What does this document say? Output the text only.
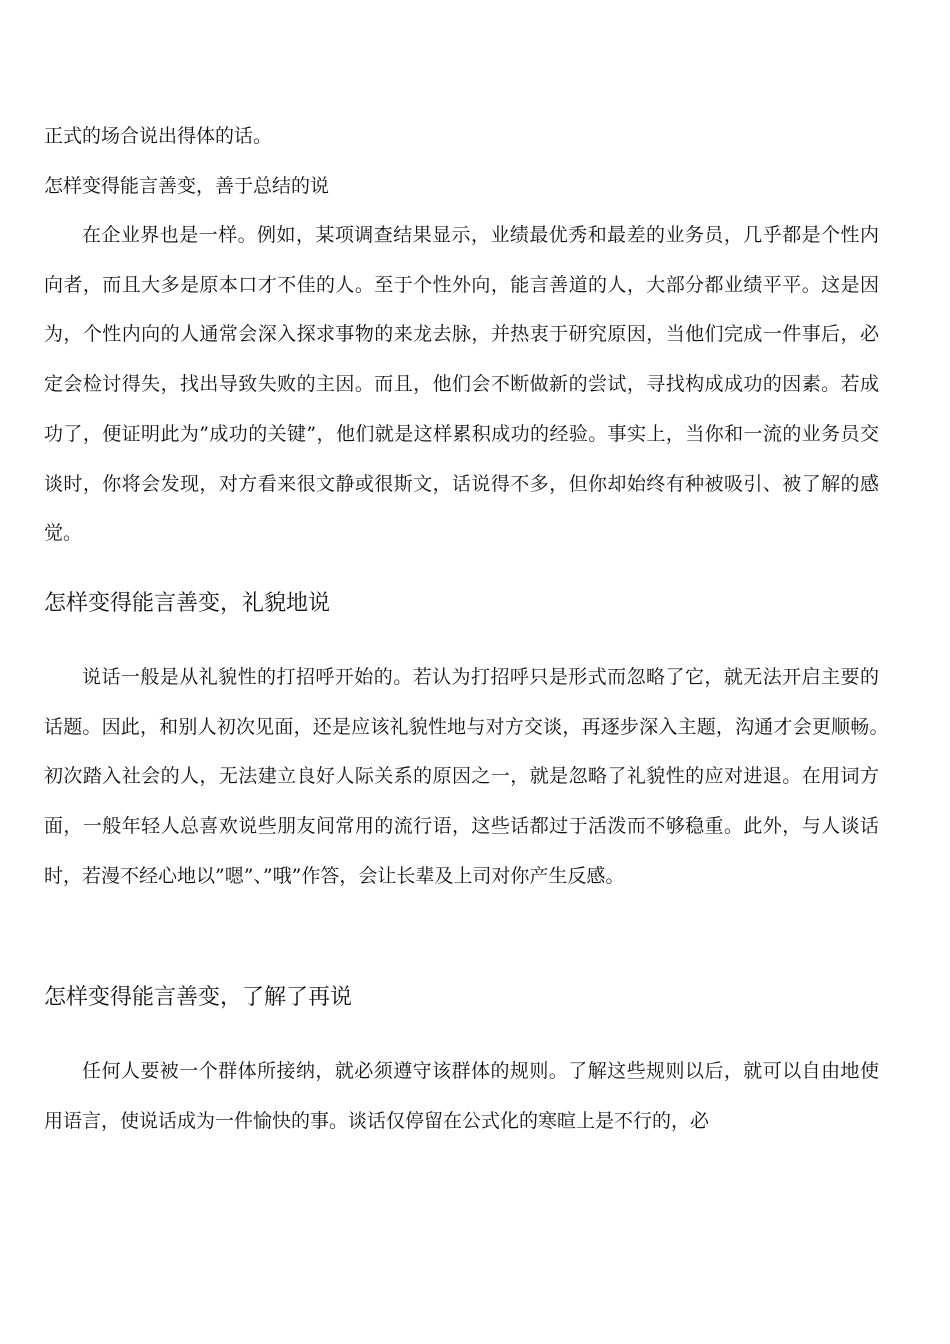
正式的场合说出得体的话。
怎样变得能言善变，善于总结的说

在企业界也是一样。例如，某项调查结果显示，业绩最优秀和最差的业务员，几乎都是个性内向者，而且大多是原本口才不佳的人。至于个性外向，能言善道的人，大部分都业绩平平。这是因为，个性内向的人通常会深入探求事物的来龙去脉，并热衷于研究原因，当他们完成一件事后，必定会检讨得失，找出导致失败的主因。而且，他们会不断做新的尝试，寻找构成成功的因素。若成功了，便证明此为”成功的关键”，他们就是这样累积成功的经验。事实上，当你和一流的业务员交谈时，你将会发现，对方看来很文静或很斯文，话说得不多，但你却始终有种被吸引、被了解的感觉。

怎样变得能言善变，礼貌地说

说话一般是从礼貌性的打招呼开始的。若认为打招呼只是形式而忽略了它，就无法开启主要的话题。因此，和别人初次见面，还是应该礼貌性地与对方交谈，再逐步深入主题，沟通才会更顺畅。　初次踏入社会的人，无法建立良好人际关系的原因之一，就是忽略了礼貌性的应对进退。在用词方面，一般年轻人总喜欢说些朋友间常用的流行语，这些话都过于活泼而不够稳重。此外，与人谈话时，若漫不经心地以”嗯”、”哦”作答，会让长辈及上司对你产生反感。

怎样变得能言善变，了解了再说

任何人要被一个群体所接纳，就必须遵守该群体的规则。了解这些规则以后，就可以自由地使用语言，使说话成为一件愉快的事。谈话仅停留在公式化的寒暄上是不行的，必
